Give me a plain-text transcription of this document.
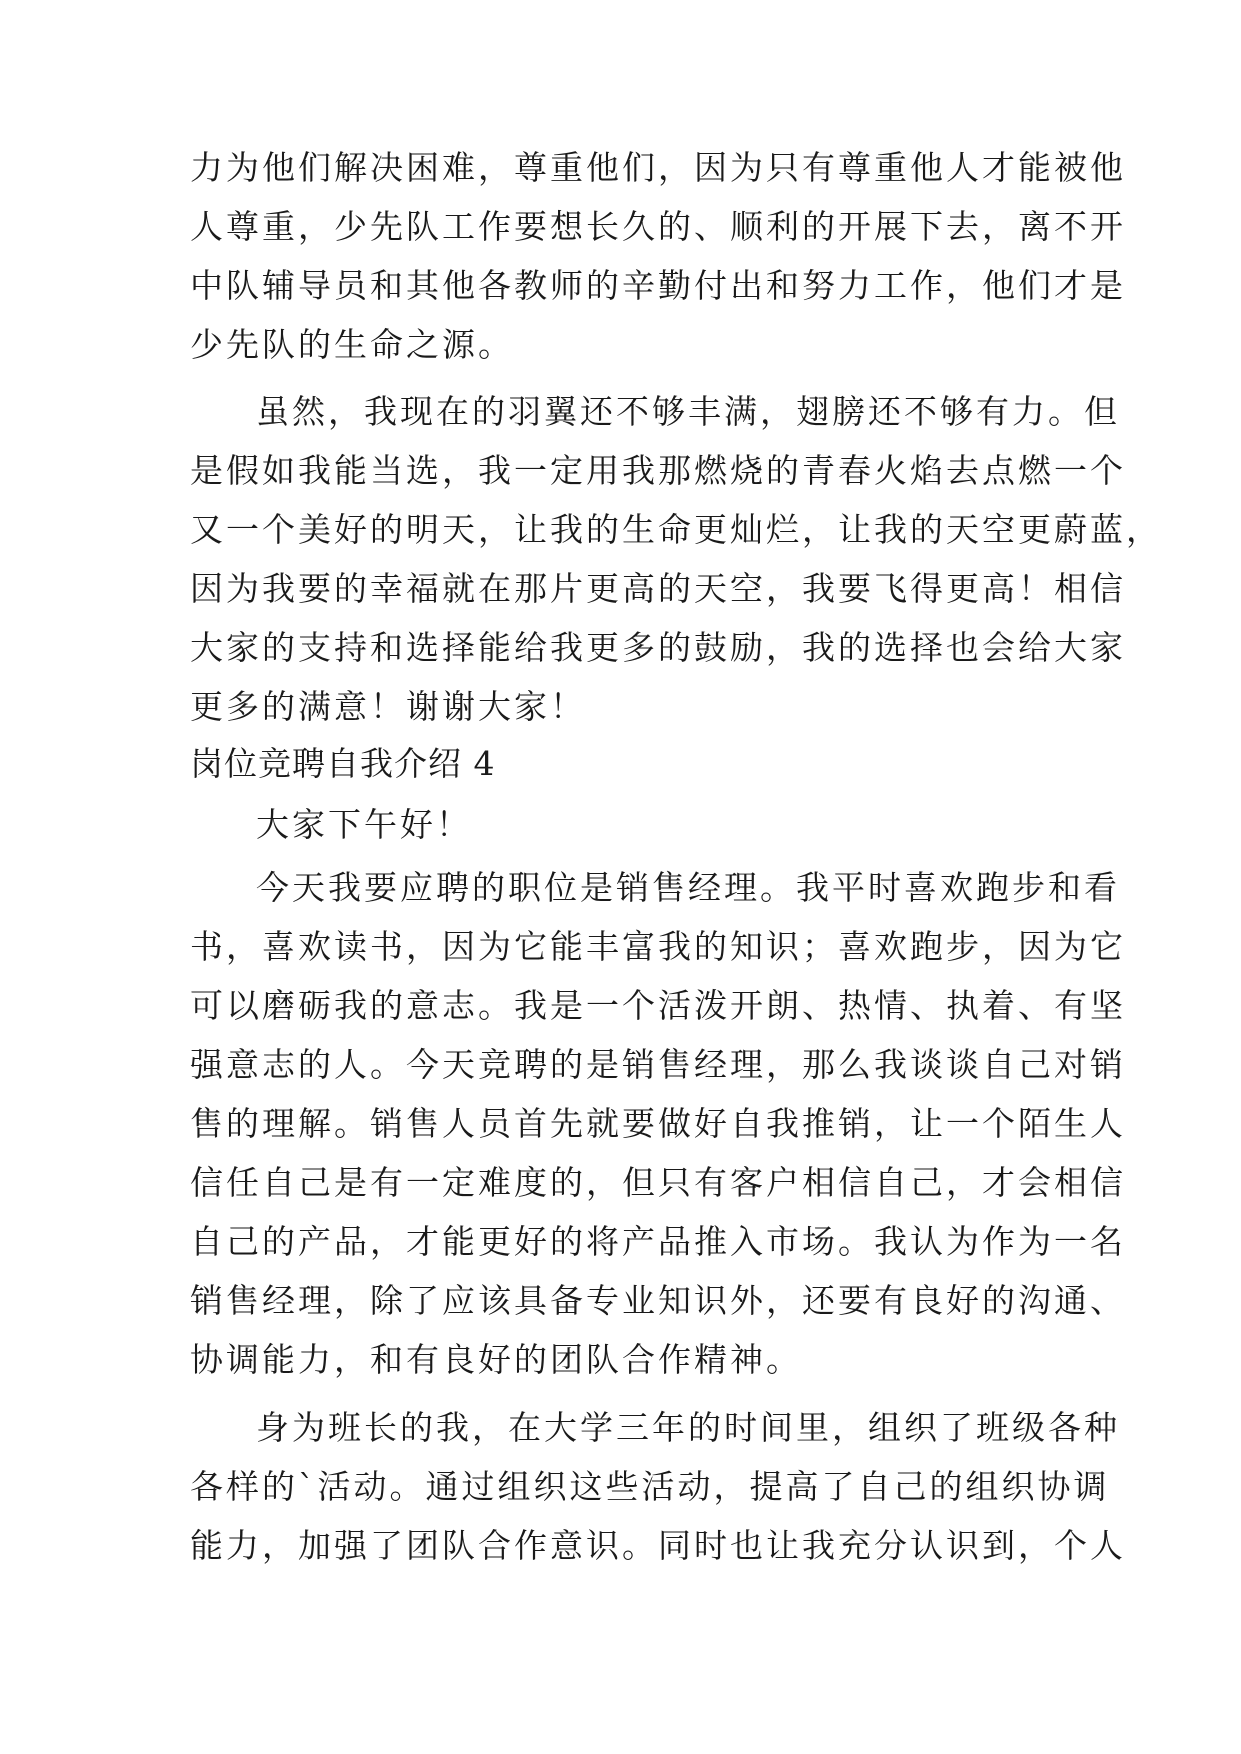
力为他们解决困难，尊重他们，因为只有尊重他人才能被他
人尊重，少先队工作要想长久的、顺利的开展下去，离不开
中队辅导员和其他各教师的辛勤付出和努力工作，他们才是
少先队的生命之源。
虽然，我现在的羽翼还不够丰满，翅膀还不够有力。但
是假如我能当选，我一定用我那燃烧的青春火焰去点燃一个
又一个美好的明天，让我的生命更灿烂，让我的天空更蔚蓝，
因为我要的幸福就在那片更高的天空，我要飞得更高！相信
大家的支持和选择能给我更多的鼓励，我的选择也会给大家
更多的满意！谢谢大家！
岗位竞聘自我介绍 4
大家下午好！
今天我要应聘的职位是销售经理。我平时喜欢跑步和看
书，喜欢读书，因为它能丰富我的知识；喜欢跑步，因为它
可以磨砺我的意志。我是一个活泼开朗、热情、执着、有坚
强意志的人。今天竞聘的是销售经理，那么我谈谈自己对销
售的理解。销售人员首先就要做好自我推销，让一个陌生人
信任自己是有一定难度的，但只有客户相信自己，才会相信
自己的产品，才能更好的将产品推入市场。我认为作为一名
销售经理，除了应该具备专业知识外，还要有良好的沟通、
协调能力，和有良好的团队合作精神。
身为班长的我，在大学三年的时间里，组织了班级各种
各样的`活动。通过组织这些活动，提高了自己的组织协调
能力，加强了团队合作意识。同时也让我充分认识到，个人
